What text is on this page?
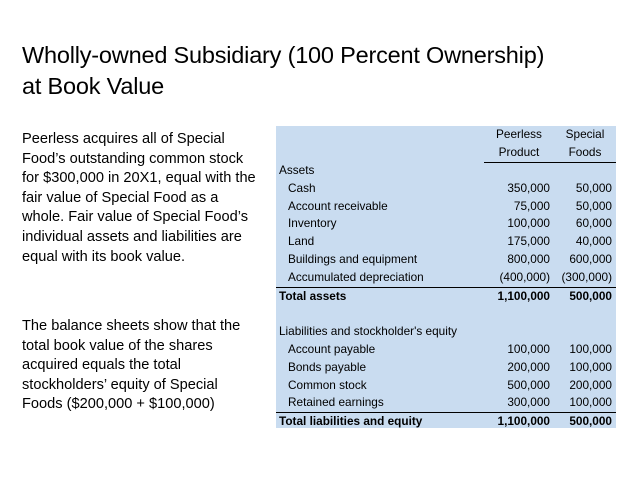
Wholly-owned Subsidiary (100 Percent Ownership)
at Book Value
Peerless acquires all of Special Food’s outstanding common stock for $300,000 in 20X1, equal with the fair value of Special Food as a whole. Fair value of Special Food’s individual assets and liabilities are equal with its book value.
The balance sheets show that the total book value of the shares acquired equals the total stockholders’ equity of Special Foods ($200,000 + $100,000)
	Peerless	Special
	Product	Foods
Assets		
Cash	350,000	50,000
Account receivable	75,000	50,000
Inventory	100,000	60,000
Land	175,000	40,000
Buildings and equipment	800,000	600,000
Accumulated depreciation	(400,000)	(300,000)
Total assets	1,100,000	500,000

Liabilities and stockholder's equity		
Account payable	100,000	100,000
Bonds payable	200,000	100,000
Common stock	500,000	200,000
Retained earnings	300,000	100,000
Total liabilities and equity	1,100,000	500,000
